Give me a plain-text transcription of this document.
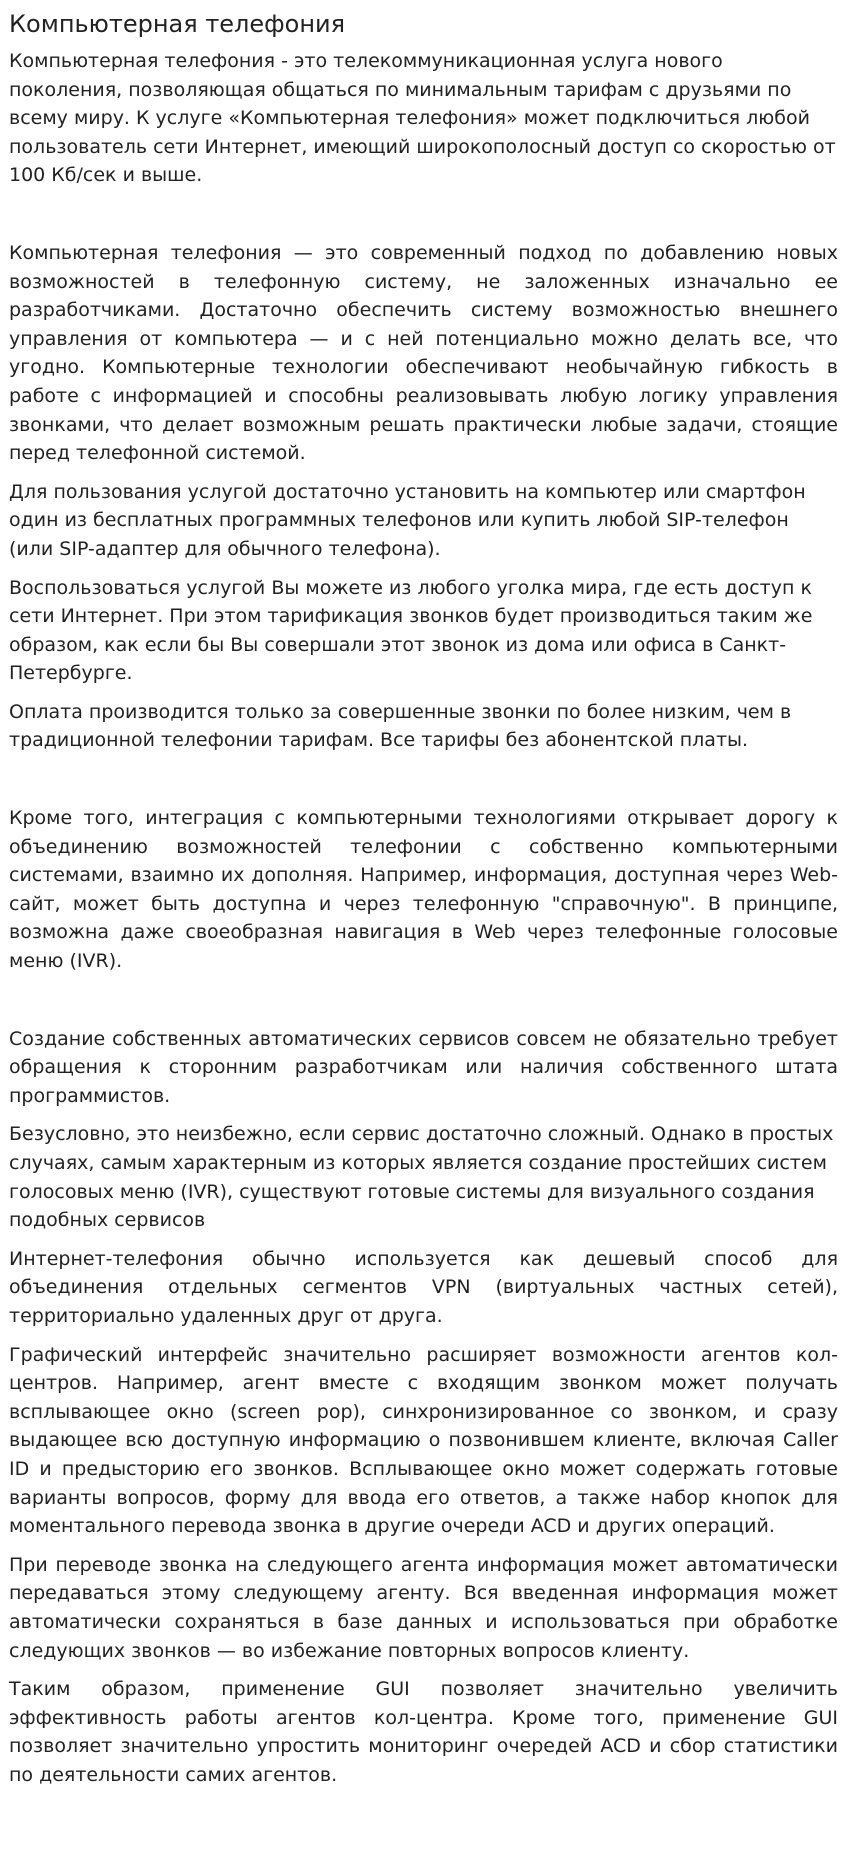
Компьютерная телефония

Компьютерная телефония - это телекоммуникационная услуга нового поколения, позволяющая общаться по минимальным тарифам с друзьями по всему миру. К услуге «Компьютерная телефония» может подключиться любой пользователь сети Интернет, имеющий широкополосный доступ со скоростью от 100 Кб/сек и выше.

Компьютерная телефония — это современный подход по добавлению новых возможностей в телефонную систему, не заложенных изначально ее разработчиками. Достаточно обеспечить систему возможностью внешнего управления от компьютера — и с ней потенциально можно делать все, что угодно. Компьютерные технологии обеспечивают необычайную гибкость в работе с информацией и способны реализовывать любую логику управления звонками, что делает возможным решать практически любые задачи, стоящие перед телефонной системой.

Для пользования услугой достаточно установить на компьютер или смартфон один из бесплатных программных телефонов или купить любой SIP-телефон (или SIP-адаптер для обычного телефона).

Воспользоваться услугой Вы можете из любого уголка мира, где есть доступ к сети Интернет. При этом тарификация звонков будет производиться таким же образом, как если бы Вы совершали этот звонок из дома или офиса в Санкт-Петербурге.

Оплата производится только за совершенные звонки по более низким, чем в традиционной телефонии тарифам. Все тарифы без абонентской платы.

Кроме того, интеграция с компьютерными технологиями открывает дорогу к объединению возможностей телефонии с собственно компьютерными системами, взаимно их дополняя. Например, информация, доступная через Web-сайт, может быть доступна и через телефонную "справочную". В принципе, возможна даже своеобразная навигация в Web через телефонные голосовые меню (IVR).

Создание собственных автоматических сервисов совсем не обязательно требует обращения к сторонним разработчикам или наличия собственного штата программистов.

Безусловно, это неизбежно, если сервис достаточно сложный. Однако в простых случаях, самым характерным из которых является создание простейших систем голосовых меню (IVR), существуют готовые системы для визуального создания подобных сервисов

Интернет-телефония обычно используется как дешевый способ для объединения отдельных сегментов VPN (виртуальных частных сетей), территориально удаленных друг от друга.

Графический интерфейс значительно расширяет возможности агентов кол-центров. Например, агент вместе с входящим звонком может получать всплывающее окно (screen pop), синхронизированное со звонком, и сразу выдающее всю доступную информацию о позвонившем клиенте, включая Caller ID и предысторию его звонков. Всплывающее окно может содержать готовые варианты вопросов, форму для ввода его ответов, а также набор кнопок для моментального перевода звонка в другие очереди ACD и других операций.

При переводе звонка на следующего агента информация может автоматически передаваться этому следующему агенту. Вся введенная информация может автоматически сохраняться в базе данных и использоваться при обработке следующих звонков — во избежание повторных вопросов клиенту.

Таким образом, применение GUI позволяет значительно увеличить эффективность работы агентов кол-центра. Кроме того, применение GUI позволяет значительно упростить мониторинг очередей ACD и сбор статистики по деятельности самих агентов.
